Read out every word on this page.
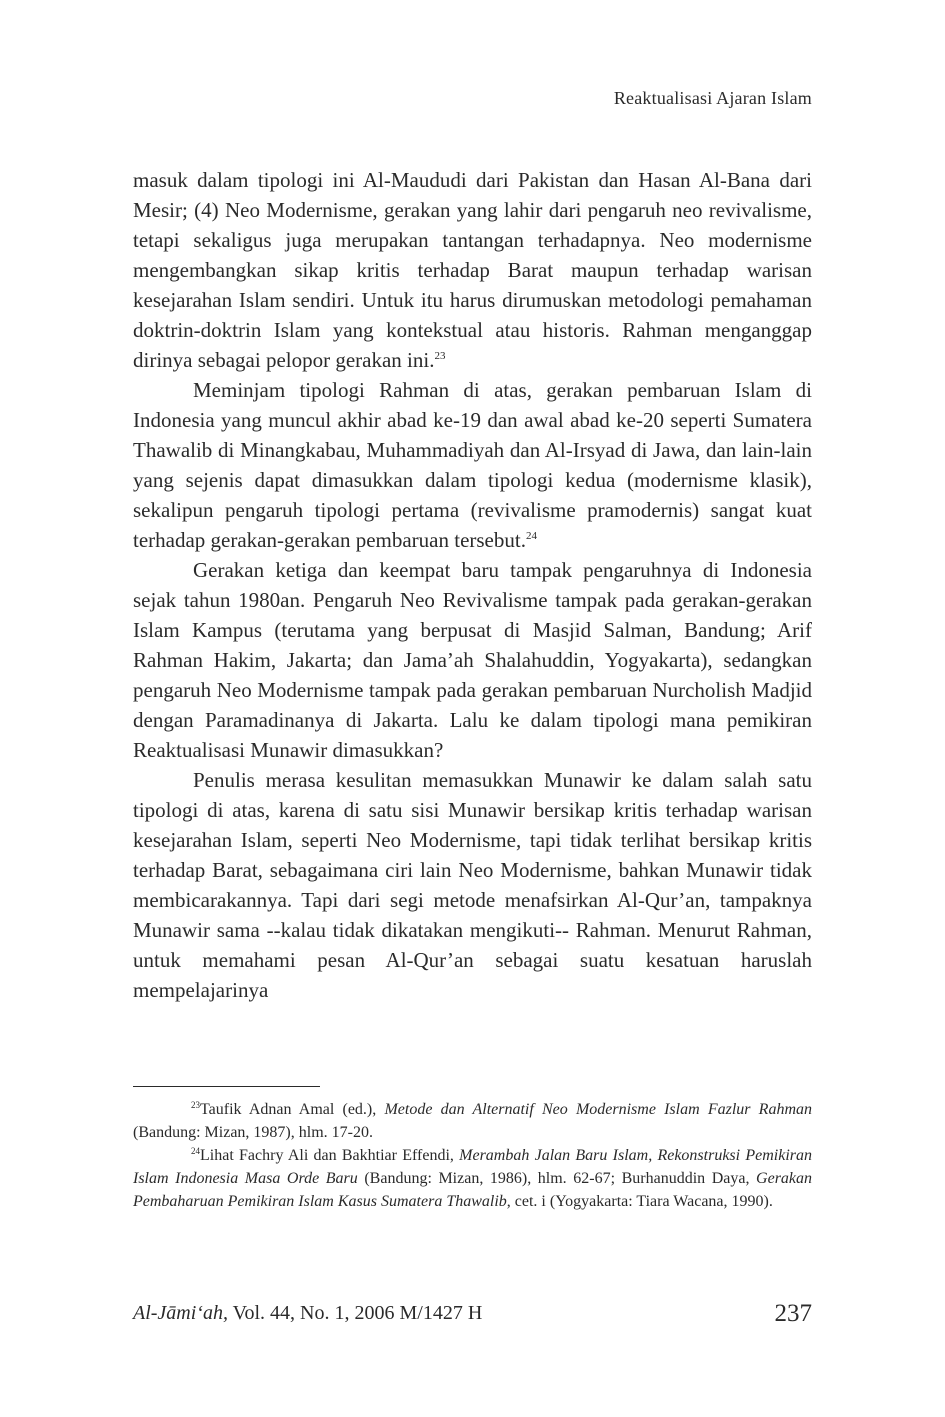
Reaktualisasi Ajaran Islam

masuk dalam tipologi ini Al-Maududi dari Pakistan dan Hasan Al-Bana dari Mesir; (4) Neo Modernisme, gerakan yang lahir dari pengaruh neo revivalisme, tetapi sekaligus juga merupakan tantangan terhadapnya. Neo modernisme mengembangkan sikap kritis terhadap Barat maupun terhadap warisan kesejarahan Islam sendiri. Untuk itu harus dirumuskan metodologi pemahaman doktrin-doktrin Islam yang kontekstual atau historis. Rahman menganggap dirinya sebagai pelopor gerakan ini.$^{23}$

Meminjam tipologi Rahman di atas, gerakan pembaruan Islam di Indonesia yang muncul akhir abad ke-19 dan awal abad ke-20 seperti Sumatera Thawalib di Minangkabau, Muhammadiyah dan Al-Irsyad di Jawa, dan lain-lain yang sejenis dapat dimasukkan dalam tipologi kedua (modernisme klasik), sekalipun pengaruh tipologi pertama (revivalisme pramodernis) sangat kuat terhadap gerakan-gerakan pembaruan tersebut.$^{24}$

Gerakan ketiga dan keempat baru tampak pengaruhnya di Indonesia sejak tahun 1980an. Pengaruh Neo Revivalisme tampak pada gerakan-gerakan Islam Kampus (terutama yang berpusat di Masjid Salman, Bandung; Arif Rahman Hakim, Jakarta; dan Jama’ah Shalahuddin, Yogyakarta), sedangkan pengaruh Neo Modernisme tampak pada gerakan pembaruan Nurcholish Madjid dengan Paramadinanya di Jakarta. Lalu ke dalam tipologi mana pemikiran Reaktualisasi Munawir dimasukkan?

Penulis merasa kesulitan memasukkan Munawir ke dalam salah satu tipologi di atas, karena di satu sisi Munawir bersikap kritis terhadap warisan kesejarahan Islam, seperti Neo Modernisme, tapi tidak terlihat bersikap kritis terhadap Barat, sebagaimana ciri lain Neo Modernisme, bahkan Munawir tidak membicarakannya. Tapi dari segi metode menafsirkan Al-Qur’an, tampaknya Munawir sama --kalau tidak dikatakan mengikuti-- Rahman. Menurut Rahman, untuk memahami pesan Al-Qur’an sebagai suatu kesatuan haruslah mempelajarinya

$^{23}$Taufik Adnan Amal (ed.), Metode dan Alternatif Neo Modernisme Islam Fazlur Rahman (Bandung: Mizan, 1987), hlm. 17-20.

$^{24}$Lihat Fachry Ali dan Bakhtiar Effendi, Merambah Jalan Baru Islam, Rekonstruksi Pemikiran Islam Indonesia Masa Orde Baru (Bandung: Mizan, 1986), hlm. 62-67; Burhanuddin Daya, Gerakan Pembaharuan Pemikiran Islam Kasus Sumatera Thawalib, cet. i (Yogyakarta: Tiara Wacana, 1990).

Al-Jāmi‘ah, Vol. 44, No. 1, 2006 M/1427 H	237
